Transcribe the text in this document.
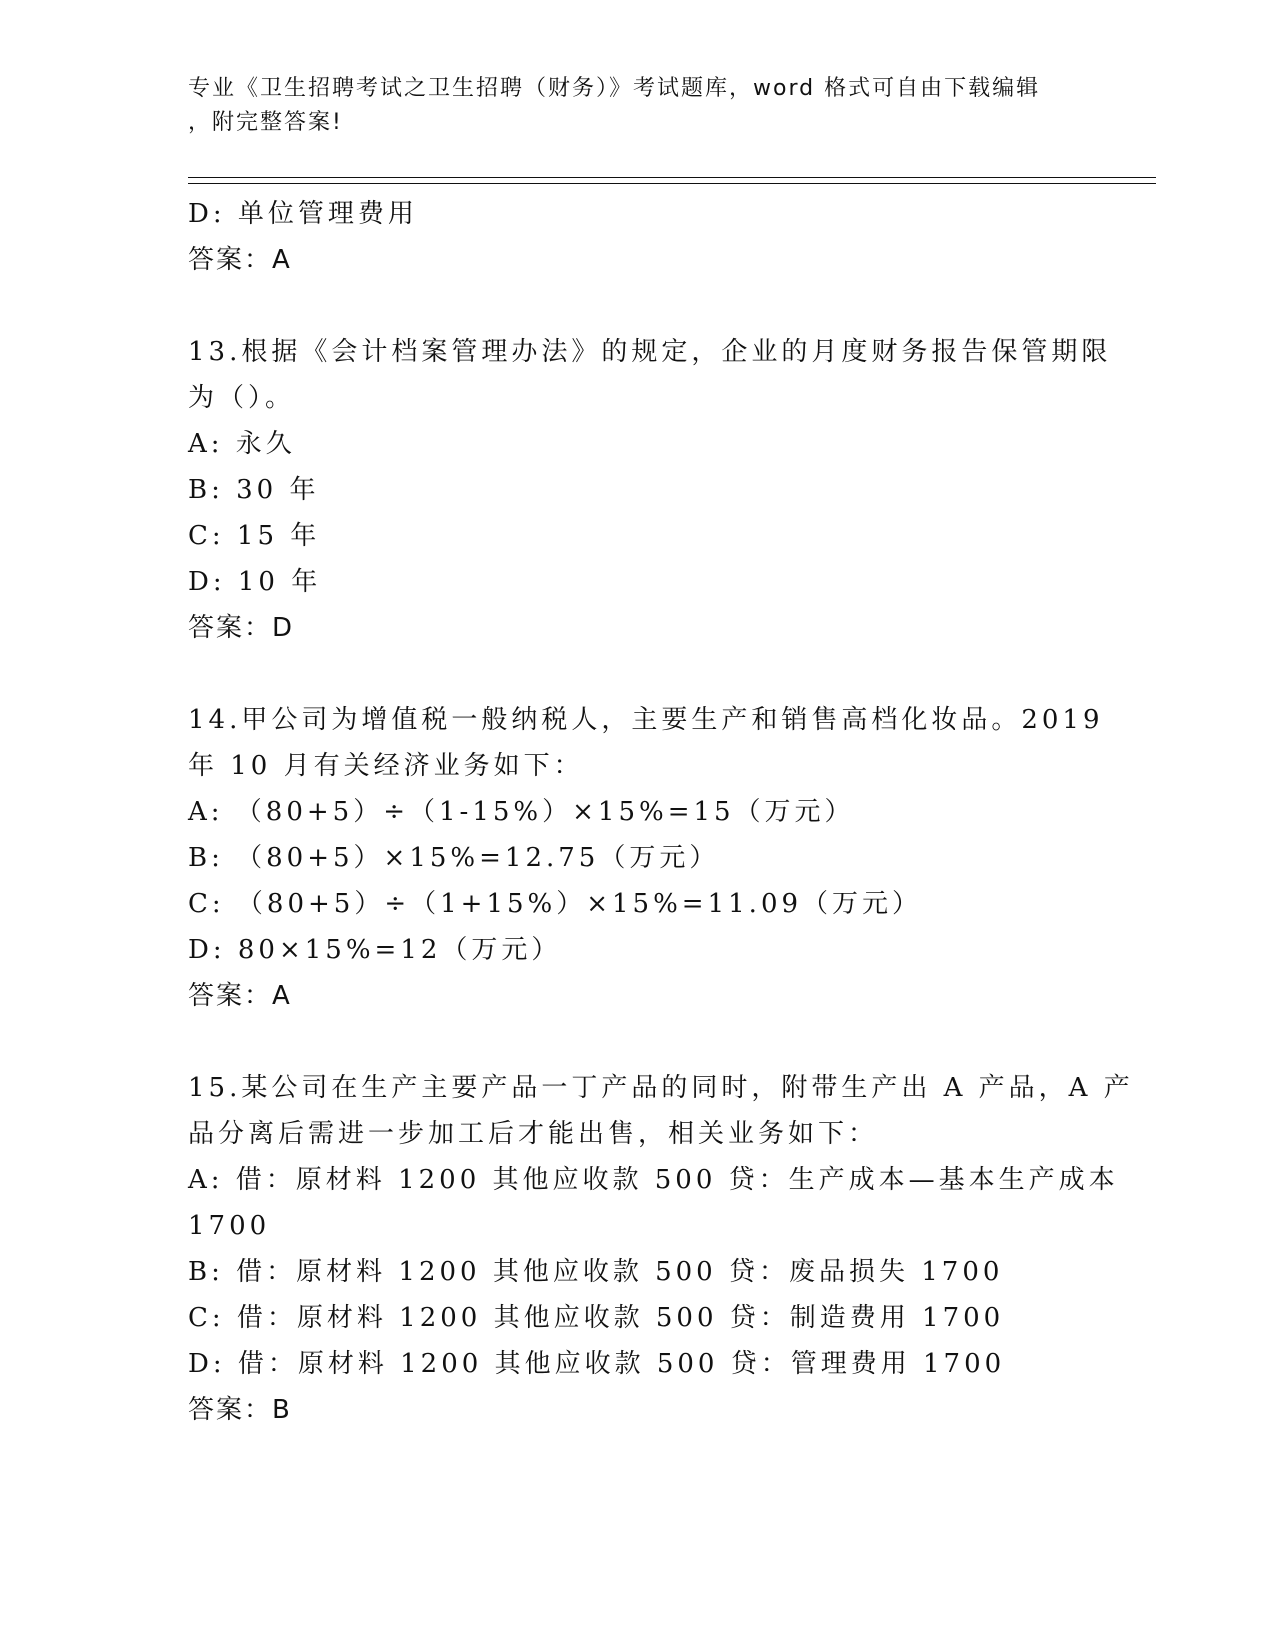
专业《卫生招聘考试之卫生招聘（财务）》考试题库，word 格式可自由下载编辑
，附完整答案!
D: 单位管理费用
答案：A
13.根据《会计档案管理办法》的规定，企业的月度财务报告保管期限
为（）。
A: 永久
B: 30 年
C: 15 年
D: 10 年
答案：D
14.甲公司为增值税一般纳税人，主要生产和销售高档化妆品。2019
年 10 月有关经济业务如下：
A: （80+5）÷（1-15%）×15%=15（万元）
B: （80+5）×15%=12.75（万元）
C: （80+5）÷（1+15%）×15%=11.09（万元）
D: 80×15%=12（万元）
答案：A
15.某公司在生产主要产品一丁产品的同时，附带生产出 A 产品，A 产
品分离后需进一步加工后才能出售，相关业务如下：
A: 借：原材料 1200 其他应收款 500 贷：生产成本—基本生产成本
1700
B: 借：原材料 1200 其他应收款 500 贷：废品损失 1700
C: 借：原材料 1200 其他应收款 500 贷：制造费用 1700
D: 借：原材料 1200 其他应收款 500 贷：管理费用 1700
答案：B
